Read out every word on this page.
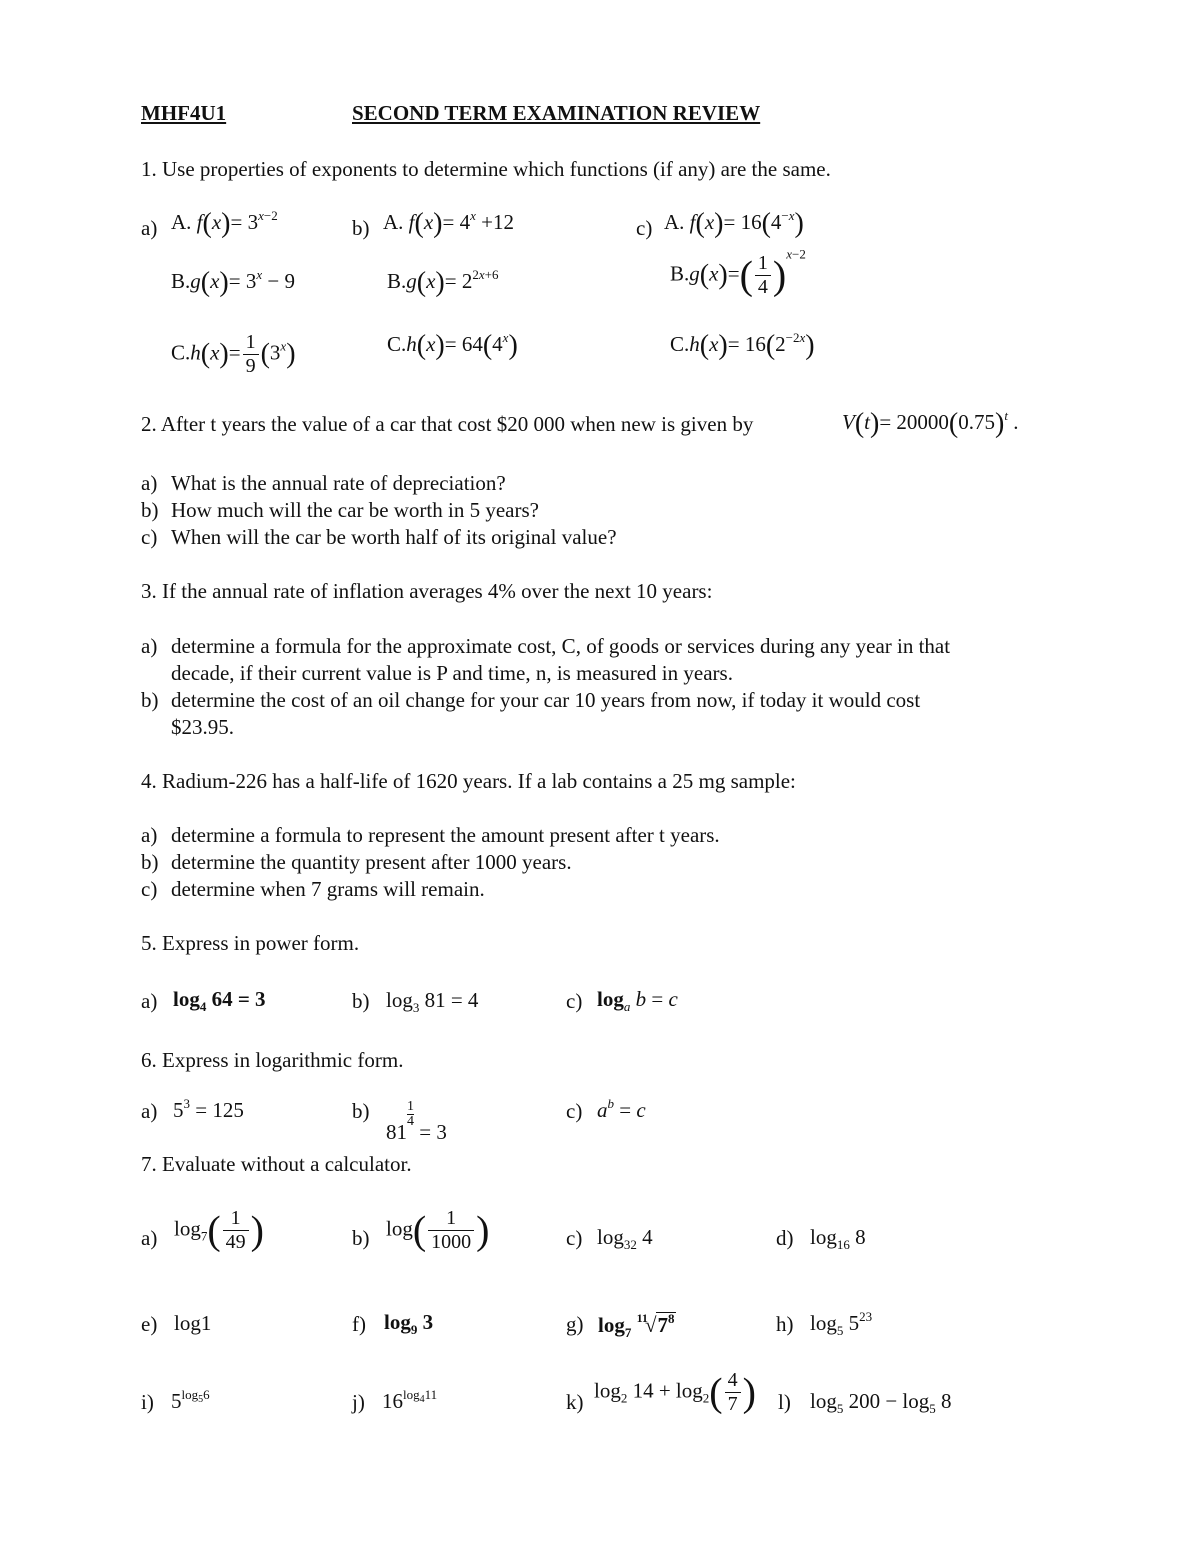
MHF4U1	SECOND TERM EXAMINATION REVIEW
1. Use properties of exponents to determine which functions (if any) are the same.
a) A. $f(x)= 3^{x-2}$
$B.g(x)= 3^x - 9$
$C.h(x)= \frac{1}{9} (3^x)$
b) A. $f(x)= 4^x +12$
$B.g(x)= 2^{2x+6}$
$C.h(x)= 64(4^x)$
c) A. $f(x)= 16(4^{-x})$
$B.g(x)=( \frac{1}{4} )^{x-2}$
$C.h(x)= 16(2^{-2x})$
2. After t years the value of a car that cost $20 000 when new is given by	$V(t)= 20000(0.75)^t$ .
a) What is the annual rate of depreciation?
b) How much will the car be worth in 5 years?
c) When will the car be worth half of its original value?
3. If the annual rate of inflation averages 4% over the next 10 years:
a) determine a formula for the approximate cost, C, of goods or services during any year in that
decade, if their current value is P and time, n, is measured in years.
b) determine the cost of an oil change for your car 10 years from now, if today it would cost
$23.95.
4. Radium-226 has a half-life of 1620 years. If a lab contains a 25 mg sample:
a) determine a formula to represent the amount present after t years.
b) determine the quantity present after 1000 years.
c) determine when 7 grams will remain.
5. Express in power form.
a) $\log_4 64 = 3$	b) $\log_3 81 = 4$	c) $\log_a b = c$
6. Express in logarithmic form.
a) $5^3 = 125$	b)
81
$\frac{1}{4}$
= 3
c) $a^b = c$
7. Evaluate without a calculator.
a) $\log_7( \frac{1}{49}$ )	b) $\log( \frac{1}{1000}$ )	c) $\log_{32} 4$	d) $\log_{16} 8$
e) log1	f) $\log_9 3$	g) $\log_7 ^{11}√7^8$	h) $\log_5 5^{23}$
i) $5^{log_56}$	j) $16^{log_411}$	k) $\log_2 14 + \log_2( \frac{4}{7}$ ) l) $\log_5 200 - \log_5 8$
